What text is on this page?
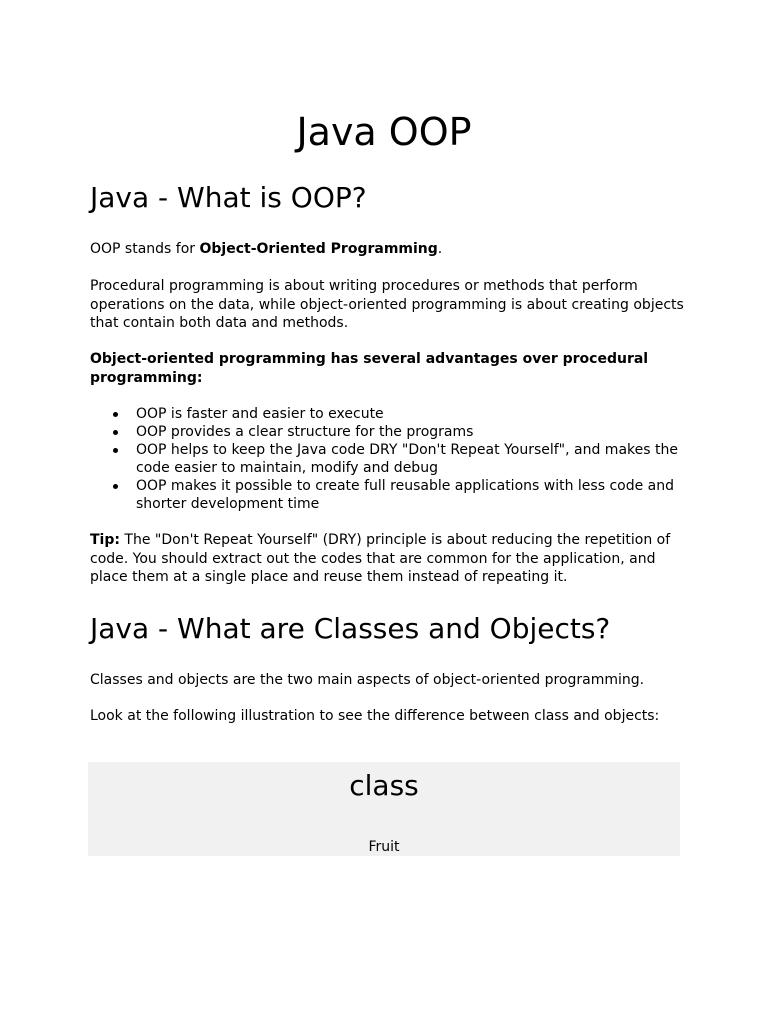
Java OOP
Java - What is OOP?

OOP stands for Object-Oriented Programming.

Procedural programming is about writing procedures or methods that perform operations on the data, while object-oriented programming is about creating objects that contain both data and methods.

Object-oriented programming has several advantages over procedural programming:

OOP is faster and easier to execute
OOP provides a clear structure for the programs
OOP helps to keep the Java code DRY "Don't Repeat Yourself", and makes the code easier to maintain, modify and debug
OOP makes it possible to create full reusable applications with less code and shorter development time

Tip: The "Don't Repeat Yourself" (DRY) principle is about reducing the repetition of code. You should extract out the codes that are common for the application, and place them at a single place and reuse them instead of repeating it.

Java - What are Classes and Objects?

Classes and objects are the two main aspects of object-oriented programming.

Look at the following illustration to see the difference between class and objects:

class
Fruit
